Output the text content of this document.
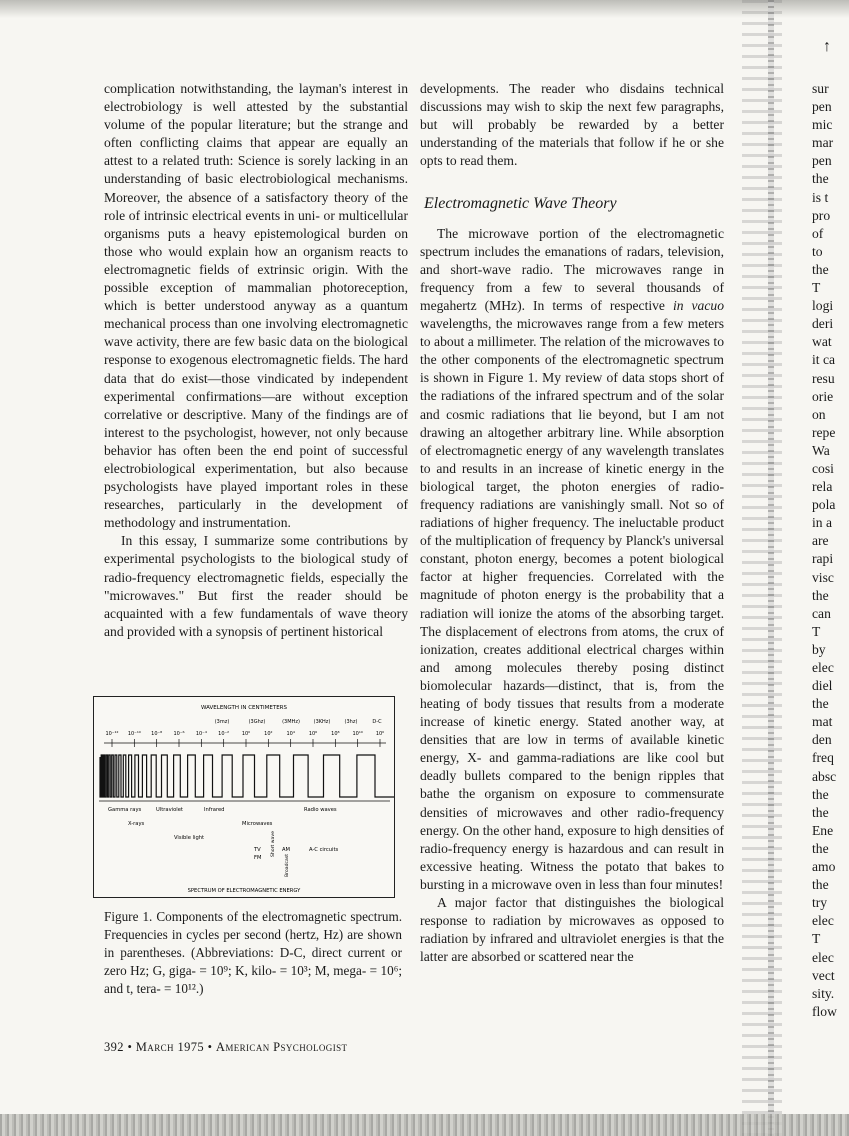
↑

complication notwithstanding, the layman's interest in electrobiology is well attested by the substantial volume of the popular literature; but the strange and often conflicting claims that appear are equally an attest to a related truth: Science is sorely lacking in an understanding of basic electrobiological mechanisms. Moreover, the absence of a satisfactory theory of the role of intrinsic electrical events in uni- or multicellular organisms puts a heavy epistemological burden on those who would explain how an organism reacts to electromagnetic fields of extrinsic origin. With the possible exception of mammalian photoreception, which is better understood anyway as a quantum mechanical process than one involving electromagnetic wave activity, there are few basic data on the biological response to exogenous electromagnetic fields. The hard data that do exist—those vindicated by independent experimental confirmations—are without exception correlative or descriptive. Many of the findings are of interest to the psychologist, however, not only because behavior has often been the end point of successful electrobiological experimentation, but also because psychologists have played important roles in these researches, particularly in the development of methodology and instrumentation.

In this essay, I summarize some contributions by experimental psychologists to the biological study of radio-frequency electromagnetic fields, especially the "microwaves." But first the reader should be acquainted with a few fundamentals of wave theory and provided with a synopsis of pertinent historical

WAVELENGTH IN CENTIMETERS
(3mz)	(3Ghz)	(3MHz)	(3KHz)	(3hz)	D-C
10⁻¹² 10⁻¹⁰ 10⁻⁸ 10⁻⁶ 10⁻⁴ 10⁻²	10⁰	10²	10⁴	10⁶	10⁸	10¹⁰	10⁰
Gamma rays	Ultraviolet	Infrared	Radio waves
X-rays	Microwaves
Visible light
TV
FM
AM	A-C circuits
Short wave
Broadcast
SPECTRUM OF ELECTROMAGNETIC ENERGY
Figure 1. Components of the electromagnetic spectrum. Frequencies in cycles per second (hertz, Hz) are shown in parentheses. (Abbreviations: D-C, direct current or zero Hz; G, giga- = 10⁹; K, kilo- = 10³; M, mega- = 10⁶; and t, tera- = 10¹².)
392 • March 1975 • American Psychologist

developments. The reader who disdains technical discussions may wish to skip the next few paragraphs, but will probably be rewarded by a better understanding of the materials that follow if he or she opts to read them.

Electromagnetic Wave Theory

The microwave portion of the electromagnetic spectrum includes the emanations of radars, television, and short-wave radio. The microwaves range in frequency from a few to several thousands of megahertz (MHz). In terms of respective in vacuo wavelengths, the microwaves range from a few meters to about a millimeter. The relation of the microwaves to the other components of the electromagnetic spectrum is shown in Figure 1. My review of data stops short of the radiations of the infrared spectrum and of the solar and cosmic radiations that lie beyond, but I am not drawing an altogether arbitrary line. While absorption of electromagnetic energy of any wavelength translates to and results in an increase of kinetic energy in the biological target, the photon energies of radio-frequency radiations are vanishingly small. Not so of radiations of higher frequency. The ineluctable product of the multiplication of frequency by Planck's universal constant, photon energy, becomes a potent biological factor at higher frequencies. Correlated with the magnitude of photon energy is the probability that a radiation will ionize the atoms of the absorbing target. The displacement of electrons from atoms, the crux of ionization, creates additional electrical charges within and among molecules thereby posing distinct biomolecular hazards—distinct, that is, from the heating of body tissues that results from a moderate increase of kinetic energy. Stated another way, at densities that are low in terms of available kinetic energy, X- and gamma-radiations are like cool but deadly bullets compared to the benign ripples that bathe the organism on exposure to commensurate densities of microwaves and other radio-frequency energy. On the other hand, exposure to high densities of radio-frequency energy is hazardous and can result in excessive heating. Witness the potato that bakes to bursting in a microwave oven in less than four minutes!

A major factor that distinguishes the biological response to radiation by microwaves as opposed to radiation by infrared and ultraviolet energies is that the latter are absorbed or scattered near the

sur
pen
mic
mar
pen
the
is t
pro
of
to
the
T
logi
deri
wat
it ca
resu
orie
on
repe
Wa
cosi
rela
pola
in a
are
rapi
visc
the
can
T
by
elec
diel
the
mat
den
freq
absc
the
the
Ene
the
amo
the
try
elec
T
elec
vect
sity.
flow
